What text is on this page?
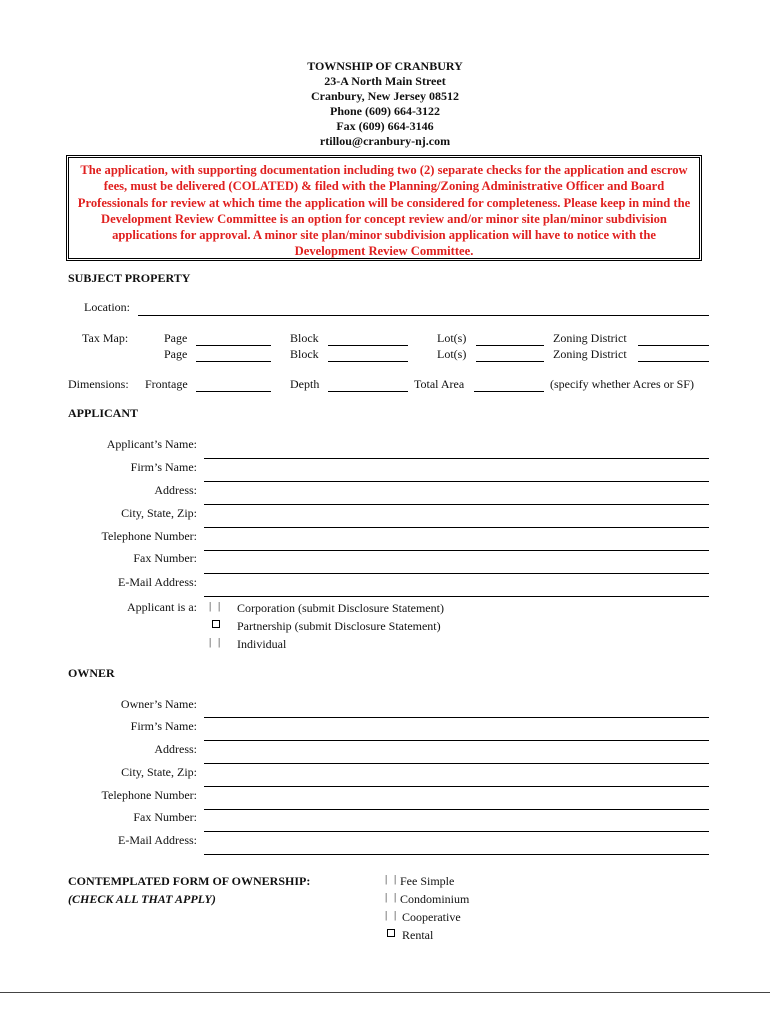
TOWNSHIP OF CRANBURY
23-A North Main Street
Cranbury, New Jersey 08512
Phone (609) 664-3122
Fax (609) 664-3146
rtillou@cranbury-nj.com
The application, with supporting documentation including two (2) separate checks for the application and escrow fees, must be delivered (COLATED) & filed with the Planning/Zoning Administrative Officer and Board Professionals for review at which time the application will be considered for completeness. Please keep in mind the Development Review Committee is an option for concept review and/or minor site plan/minor subdivision applications for approval. A minor site plan/minor subdivision application will have to notice with the Development Review Committee.
SUBJECT PROPERTY
Location:
Tax Map:	Page	Block	Lot(s)	Zoning District
Page	Block	Lot(s)	Zoning District
Dimensions: Frontage	Depth	Total Area	(specify whether Acres or SF)
APPLICANT
Applicant’s Name:
Firm’s Name:
Address:
City, State, Zip:
Telephone Number:
Fax Number:
E-Mail Address:
Applicant is a: | | Corporation (submit Disclosure Statement)
Partnership (submit Disclosure Statement)
| | Individual
OWNER
Owner’s Name:
Firm’s Name:
Address:
City, State, Zip:
Telephone Number:
Fax Number:
E-Mail Address:
CONTEMPLATED FORM OF OWNERSHIP:
(CHECK ALL THAT APPLY)
| | Fee Simple
| | Condominium
| | Cooperative
Rental
